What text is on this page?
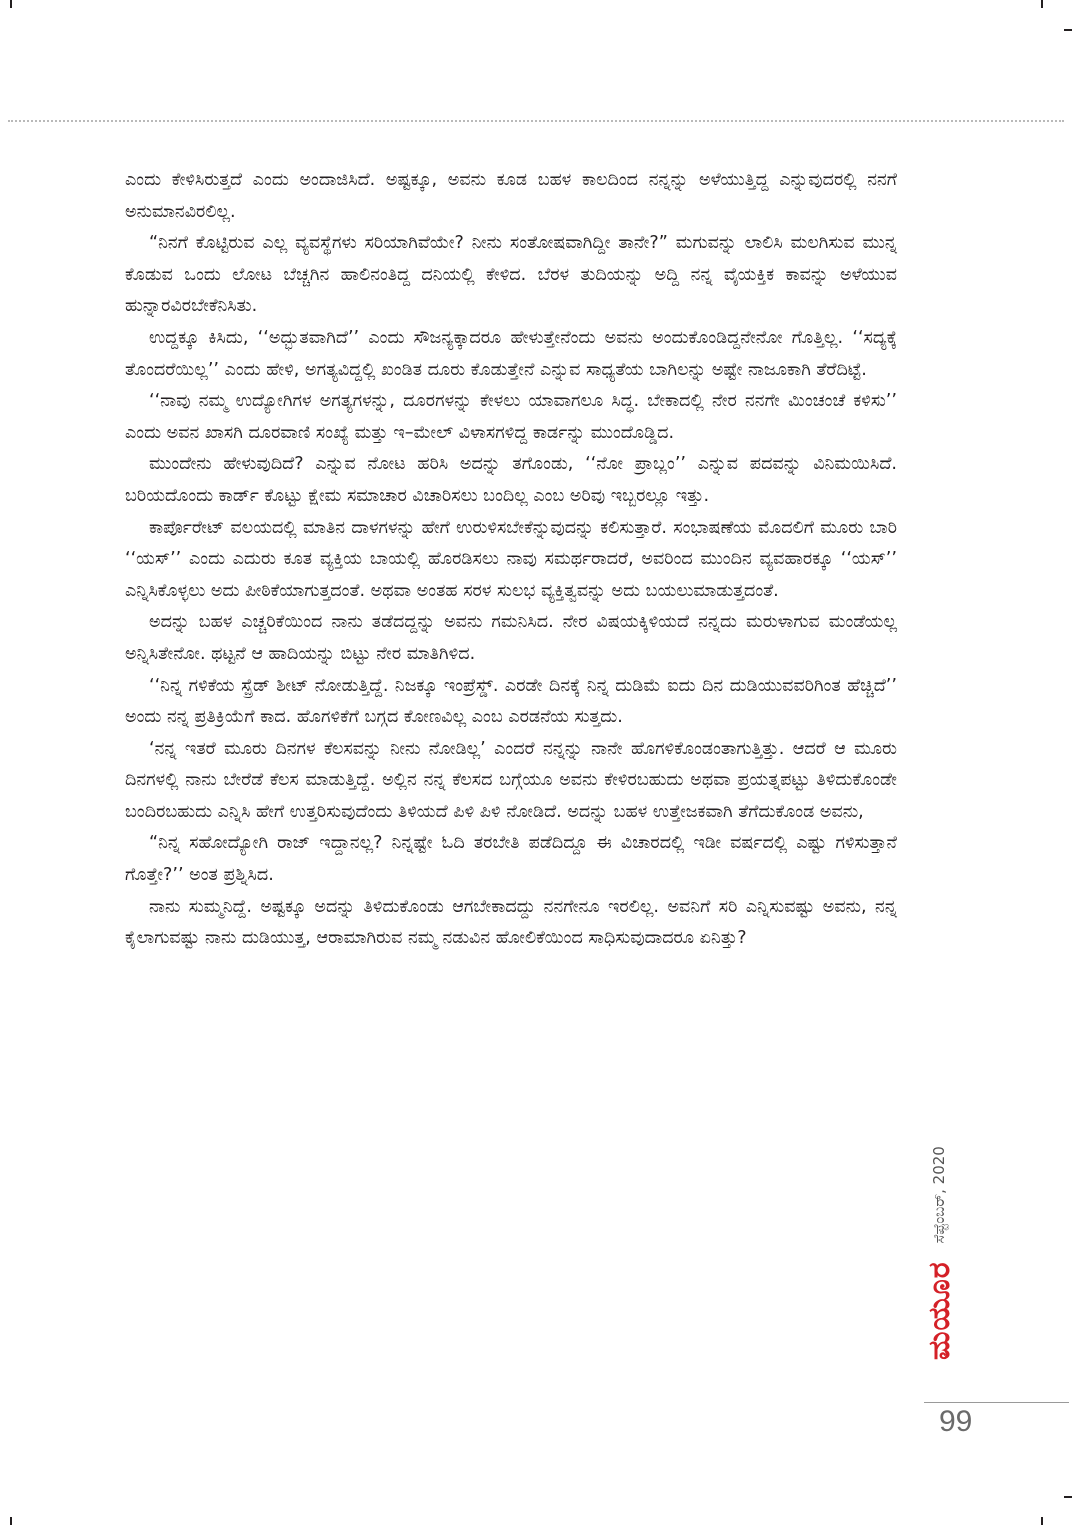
ಎಂದು ಕೇಳಿಸಿರುತ್ತದೆ ಎಂದು ಅಂದಾಜಿಸಿದೆ. ಅಷ್ಟಕ್ಕೂ, ಅವನು ಕೂಡ ಬಹಳ ಕಾಲದಿಂದ ನನ್ನನ್ನು ಅಳೆಯುತ್ತಿದ್ದ ಎನ್ನುವುದರಲ್ಲಿ ನನಗೆ ಅನುಮಾನವಿರಲಿಲ್ಲ.

“ನಿನಗೆ ಕೊಟ್ಟಿರುವ ಎಲ್ಲ ವ್ಯವಸ್ಥೆಗಳು ಸರಿಯಾಗಿವೆಯೇ? ನೀನು ಸಂತೋಷವಾಗಿದ್ದೀ ತಾನೇ?” ಮಗುವನ್ನು ಲಾಲಿಸಿ ಮಲಗಿಸುವ ಮುನ್ನ ಕೊಡುವ ಒಂದು ಲೋಟ ಬೆಚ್ಚಗಿನ ಹಾಲಿನಂತಿದ್ದ ದನಿಯಲ್ಲಿ ಕೇಳಿದ. ಬೆರಳ ತುದಿಯನ್ನು ಅದ್ದಿ ನನ್ನ ವೈಯಕ್ತಿಕ ಕಾವನ್ನು ಅಳೆಯುವ ಹುನ್ನಾರವಿರಬೇಕೆನಿಸಿತು.

ಉದ್ದಕ್ಕೂ ಕಿಸಿದು, ‘‘ಅದ್ಭುತವಾಗಿದೆ’’ ಎಂದು ಸೌಜನ್ಯಕ್ಕಾದರೂ ಹೇಳುತ್ತೇನೆಂದು ಅವನು ಅಂದುಕೊಂಡಿದ್ದನೇನೋ ಗೊತ್ತಿಲ್ಲ. ‘‘ಸದ್ಯಕ್ಕೆ ತೊಂದರೆಯಿಲ್ಲ’’ ಎಂದು ಹೇಳಿ, ಅಗತ್ಯವಿದ್ದಲ್ಲಿ ಖಂಡಿತ ದೂರು ಕೊಡುತ್ತೇನೆ ಎನ್ನುವ ಸಾಧ್ಯತೆಯ ಬಾಗಿಲನ್ನು ಅಷ್ಟೇ ನಾಜೂಕಾಗಿ ತೆರೆದಿಟ್ಟೆ.

‘‘ನಾವು ನಮ್ಮ ಉದ್ಯೋಗಿಗಳ ಅಗತ್ಯಗಳನ್ನು, ದೂರಗಳನ್ನು ಕೇಳಲು ಯಾವಾಗಲೂ ಸಿದ್ಧ. ಬೇಕಾದಲ್ಲಿ ನೇರ ನನಗೇ ಮಿಂಚಂಚೆ ಕಳಿಸು’’ ಎಂದು ಅವನ ಖಾಸಗಿ ದೂರವಾಣಿ ಸಂಖ್ಯೆ ಮತ್ತು ಇ–ಮೇಲ್ ವಿಳಾಸಗಳಿದ್ದ ಕಾರ್ಡನ್ನು ಮುಂದೊಡ್ಡಿದ.

ಮುಂದೇನು ಹೇಳುವುದಿದೆ? ಎನ್ನುವ ನೋಟ ಹರಿಸಿ ಅದನ್ನು ತಗೊಂಡು, ‘‘ನೋ ಪ್ರಾಬ್ಲಂ’’ ಎನ್ನುವ ಪದವನ್ನು ವಿನಿಮಯಿಸಿದೆ. ಬರಿಯದೊಂದು ಕಾರ್ಡ್ ಕೊಟ್ಟು ಕ್ಷೇಮ ಸಮಾಚಾರ ವಿಚಾರಿಸಲು ಬಂದಿಲ್ಲ ಎಂಬ ಅರಿವು ಇಬ್ಬರಲ್ಲೂ ಇತ್ತು.

ಕಾರ್ಪೊರೇಟ್ ವಲಯದಲ್ಲಿ ಮಾತಿನ ದಾಳಗಳನ್ನು ಹೇಗೆ ಉರುಳಿಸಬೇಕೆನ್ನುವುದನ್ನು ಕಲಿಸುತ್ತಾರೆ. ಸಂಭಾಷಣೆಯ ಮೊದಲಿಗೆ ಮೂರು ಬಾರಿ ‘‘ಯಸ್’’ ಎಂದು ಎದುರು ಕೂತ ವ್ಯಕ್ತಿಯ ಬಾಯಲ್ಲಿ ಹೊರಡಿಸಲು ನಾವು ಸಮರ್ಥರಾದರೆ, ಅವರಿಂದ ಮುಂದಿನ ವ್ಯವಹಾರಕ್ಕೂ ‘‘ಯಸ್’’ ಎನ್ನಿಸಿಕೊಳ್ಳಲು ಅದು ಪೀಠಿಕೆಯಾಗುತ್ತದಂತೆ. ಅಥವಾ ಅಂತಹ ಸರಳ ಸುಲಭ ವ್ಯಕ್ತಿತ್ವವನ್ನು ಅದು ಬಯಲುಮಾಡುತ್ತದಂತೆ.

ಅದನ್ನು ಬಹಳ ಎಚ್ಚರಿಕೆಯಿಂದ ನಾನು ತಡೆದದ್ದನ್ನು ಅವನು ಗಮನಿಸಿದ. ನೇರ ವಿಷಯಕ್ಕಿಳಿಯದೆ ನನ್ನದು ಮರುಳಾಗುವ ಮಂಡೆಯಲ್ಲ ಅನ್ನಿಸಿತೇನೋ. ಥಟ್ಟನೆ ಆ ಹಾದಿಯನ್ನು ಬಿಟ್ಟು ನೇರ ಮಾತಿಗಿಳಿದ.

‘‘ನಿನ್ನ ಗಳಿಕೆಯ ಸ್ಪ್ರೆಡ್ ಶೀಟ್ ನೋಡುತ್ತಿದ್ದೆ. ನಿಜಕ್ಕೂ ಇಂಪ್ರೆಸ್ಡ್. ಎರಡೇ ದಿನಕ್ಕೆ ನಿನ್ನ ದುಡಿಮೆ ಐದು ದಿನ ದುಡಿಯುವವರಿಗಿಂತ ಹೆಚ್ಚಿದೆ’’ ಅಂದು ನನ್ನ ಪ್ರತಿಕ್ರಿಯೆಗೆ ಕಾದ. ಹೊಗಳಿಕೆಗೆ ಬಗ್ಗದ ಕೋಣವಿಲ್ಲ ಎಂಬ ಎರಡನೆಯ ಸುತ್ತದು.

‘ನನ್ನ ಇತರೆ ಮೂರು ದಿನಗಳ ಕೆಲಸವನ್ನು ನೀನು ನೋಡಿಲ್ಲ’ ಎಂದರೆ ನನ್ನನ್ನು ನಾನೇ ಹೊಗಳಿಕೊಂಡಂತಾಗುತ್ತಿತ್ತು. ಆದರೆ ಆ ಮೂರು ದಿನಗಳಲ್ಲಿ ನಾನು ಬೇರೆಡೆ ಕೆಲಸ ಮಾಡುತ್ತಿದ್ದೆ. ಅಲ್ಲಿನ ನನ್ನ ಕೆಲಸದ ಬಗ್ಗೆಯೂ ಅವನು ಕೇಳಿರಬಹುದು ಅಥವಾ ಪ್ರಯತ್ನಪಟ್ಟು ತಿಳಿದುಕೊಂಡೇ ಬಂದಿರಬಹುದು ಎನ್ನಿಸಿ ಹೇಗೆ ಉತ್ತರಿಸುವುದೆಂದು ತಿಳಿಯದೆ ಪಿಳಿ ಪಿಳಿ ನೋಡಿದೆ. ಅದನ್ನು ಬಹಳ ಉತ್ತೇಜಕವಾಗಿ ತೆಗೆದುಕೊಂಡ ಅವನು,

“ನಿನ್ನ ಸಹೋದ್ಯೋಗಿ ರಾಜ್ ಇದ್ದಾನಲ್ಲ? ನಿನ್ನಷ್ಟೇ ಓದಿ ತರಬೇತಿ ಪಡೆದಿದ್ದೂ ಈ ವಿಚಾರದಲ್ಲಿ ಇಡೀ ವರ್ಷದಲ್ಲಿ ಎಷ್ಟು ಗಳಿಸುತ್ತಾನೆ ಗೊತ್ತೇ?’’ ಅಂತ ಪ್ರಶ್ನಿಸಿದ.

ನಾನು ಸುಮ್ಮನಿದ್ದೆ. ಅಷ್ಟಕ್ಕೂ ಅದನ್ನು ತಿಳಿದುಕೊಂಡು ಆಗಬೇಕಾದದ್ದು ನನಗೇನೂ ಇರಲಿಲ್ಲ. ಅವನಿಗೆ ಸರಿ ಎನ್ನಿಸುವಷ್ಟು ಅವನು, ನನ್ನ ಕೈಲಾಗುವಷ್ಟು ನಾನು ದುಡಿಯುತ್ತ, ಆರಾಮಾಗಿರುವ ನಮ್ಮ ನಡುವಿನ ಹೋಲಿಕೆಯಿಂದ ಸಾಧಿಸುವುದಾದರೂ ಏನಿತ್ತು?

ಮಯೂರ
ಸೆಪ್ಟೆಂಬರ್, 2020
99
